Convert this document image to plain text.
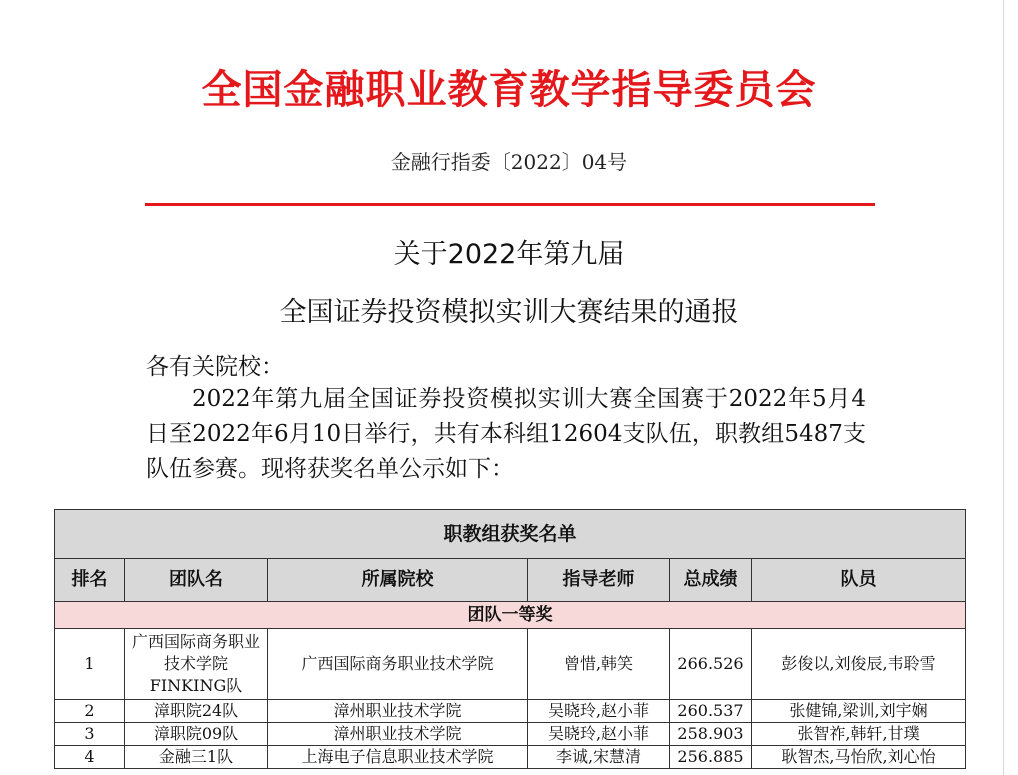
全国金融职业教育教学指导委员会
金融行指委〔2022〕04号
关于2022年第九届
全国证券投资模拟实训大赛结果的通报
各有关院校：
2022年第九届全国证券投资模拟实训大赛全国赛于2022年5月4日至2022年6月10日举行，共有本科组12604支队伍，职教组5487支队伍参赛。现将获奖名单公示如下：
职教组获奖名单					
排名	团队名	所属院校	指导老师	总成绩	队员
团队一等奖					
1	广西国际商务职业技术学院FINKING队	广西国际商务职业技术学院	曾惜,韩笑	266.526	彭俊以,刘俊辰,韦聆雪
2	漳职院24队	漳州职业技术学院	吴晓玲,赵小菲	260.537	张健锦,梁训,刘宇娴
3	漳职院09队	漳州职业技术学院	吴晓玲,赵小菲	258.903	张智祚,韩轩,甘璞
4	金融三1队	上海电子信息职业技术学院	李诚,宋慧清	256.885	耿智杰,马怡欣,刘心怡
